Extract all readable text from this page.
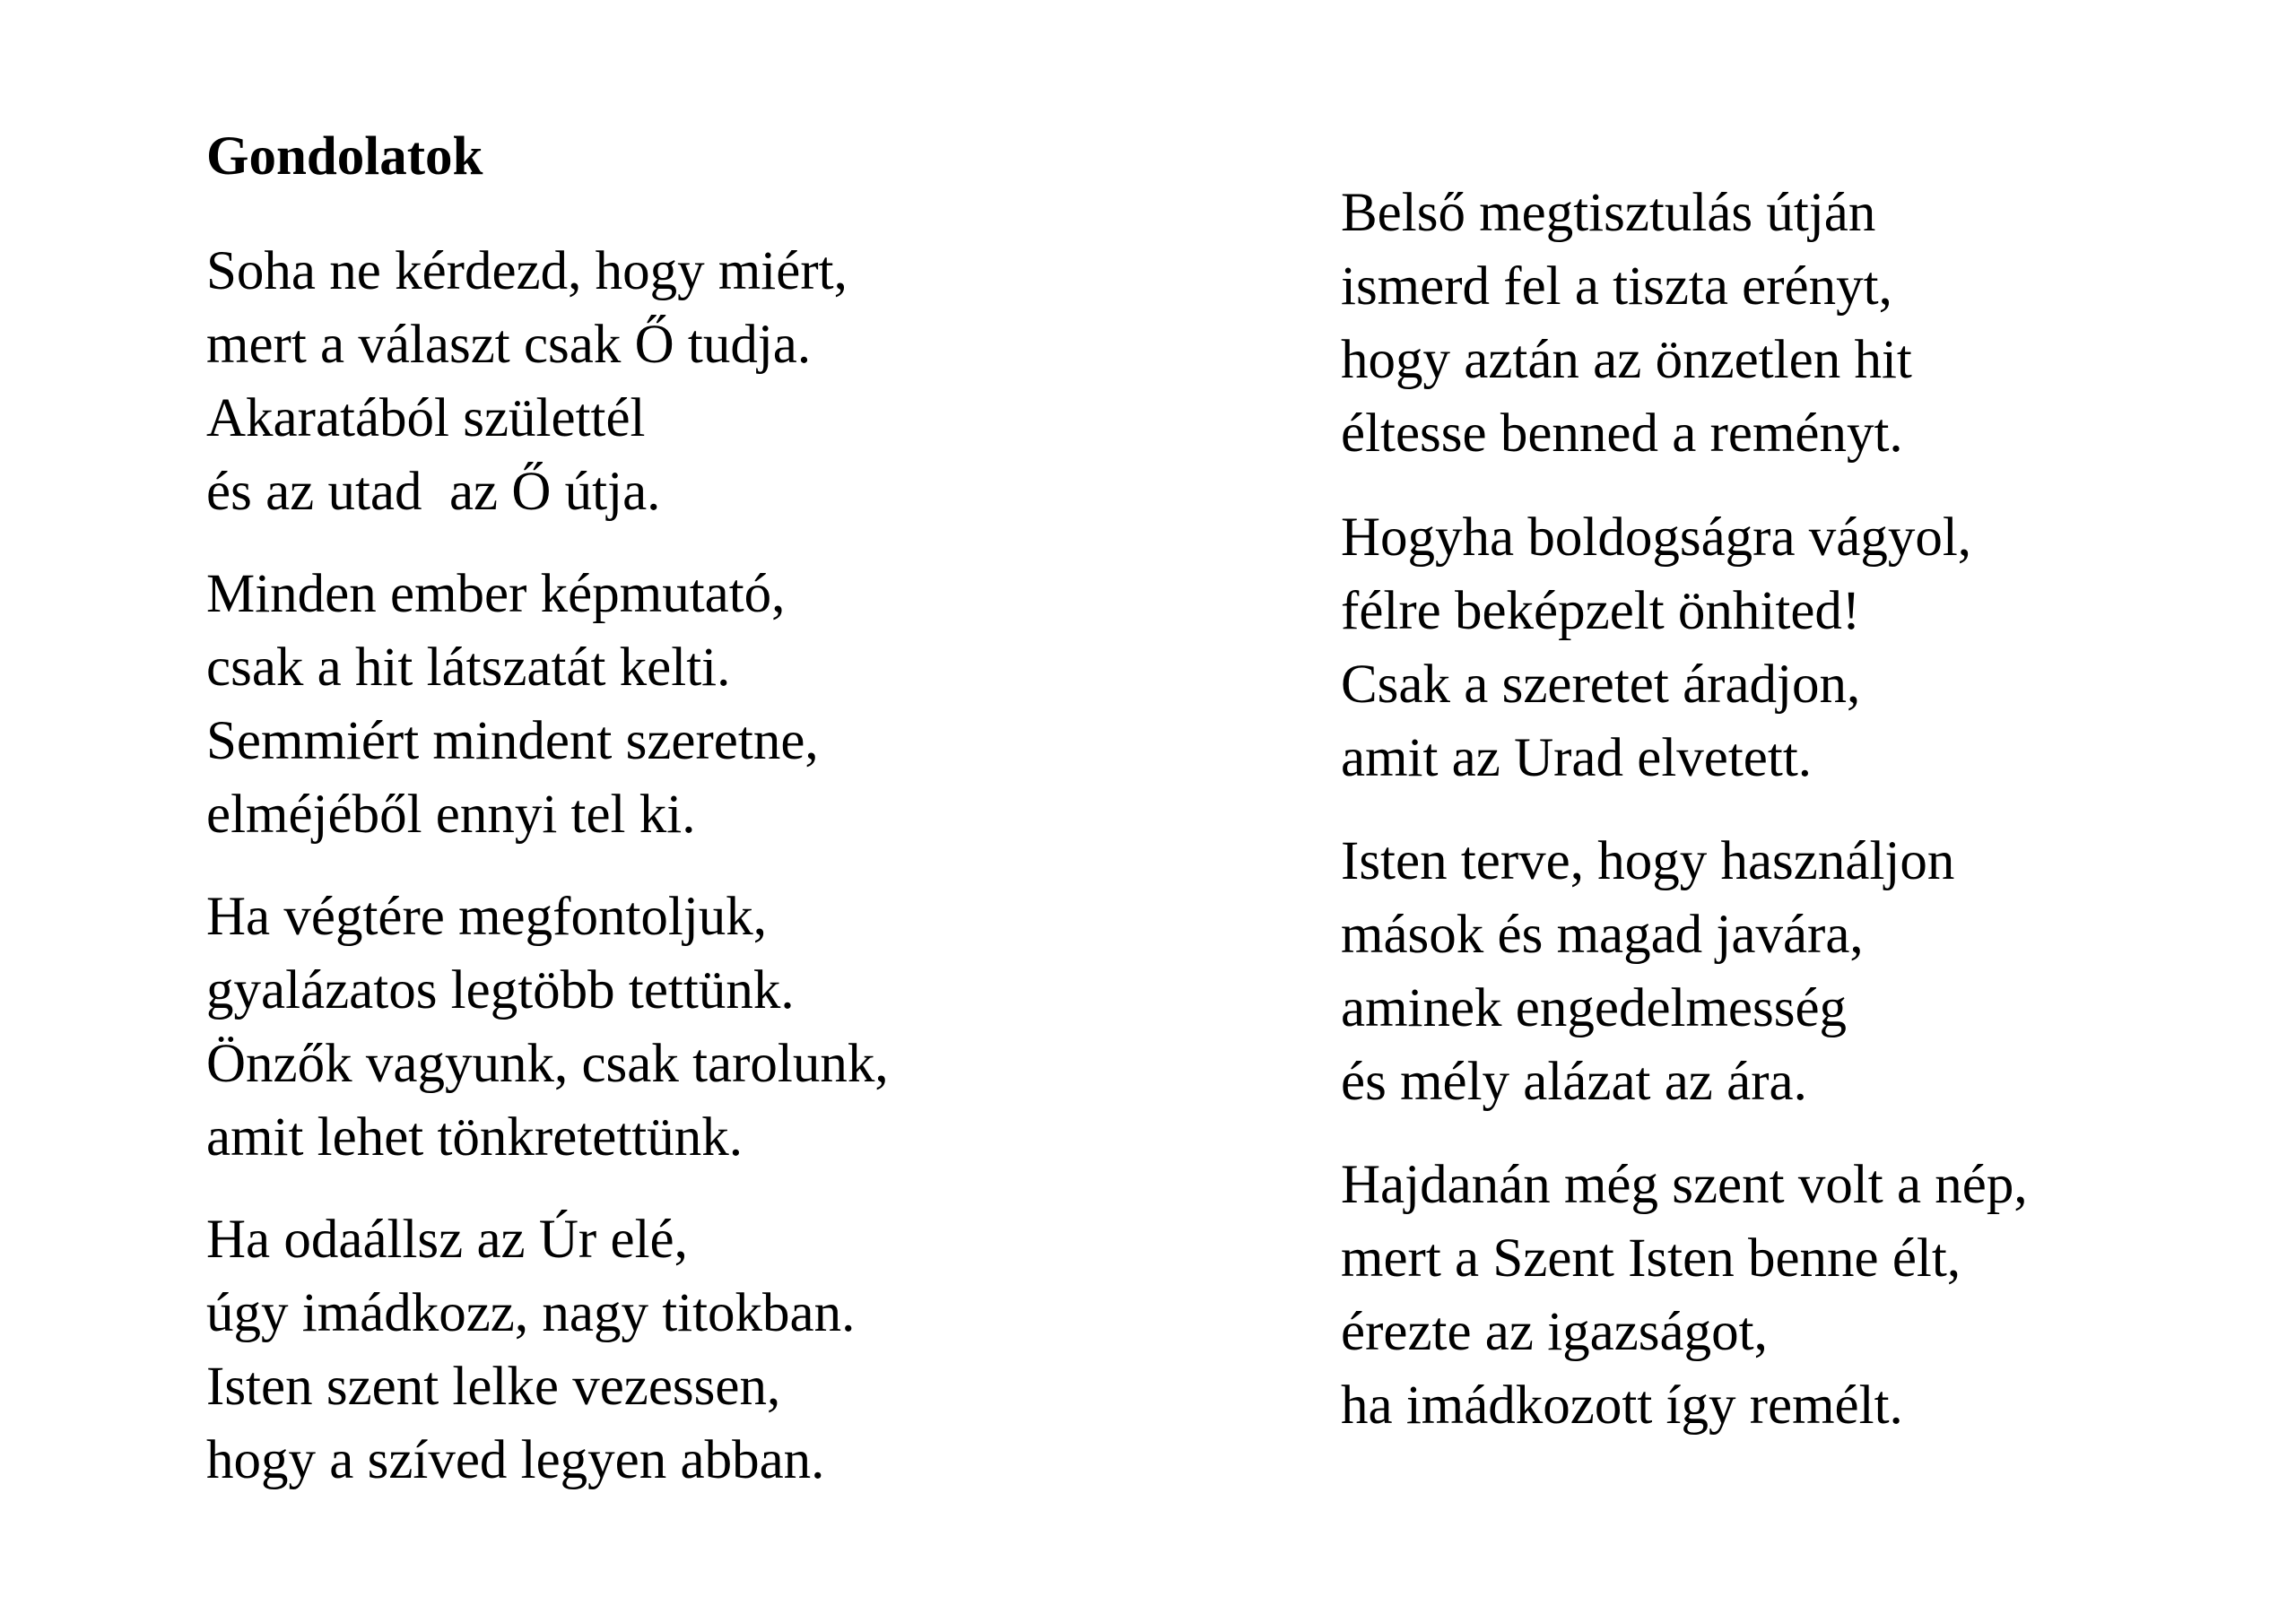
Gondolatok
Soha ne kérdezd, hogy miért,
mert a választ csak Ő tudja.
Akaratából születtél
és az utad  az Ő útja.
Minden ember képmutató,
csak a hit látszatát kelti.
Semmiért mindent szeretne,
elméjéből ennyi tel ki.
Ha végtére megfontoljuk,
gyalázatos legtöbb tettünk.
Önzők vagyunk, csak tarolunk,
amit lehet tönkretettünk.
Ha odaállsz az Úr elé,
úgy imádkozz, nagy titokban.
Isten szent lelke vezessen,
hogy a szíved legyen abban.
Belső megtisztulás útján
ismerd fel a tiszta erényt,
hogy aztán az önzetlen hit
éltesse benned a reményt.
Hogyha boldogságra vágyol,
félre beképzelt önhited!
Csak a szeretet áradjon,
amit az Urad elvetett.
Isten terve, hogy használjon
mások és magad javára,
aminek engedelmesség
és mély alázat az ára.
Hajdanán még szent volt a nép,
mert a Szent Isten benne élt,
érezte az igazságot,
ha imádkozott így remélt.
